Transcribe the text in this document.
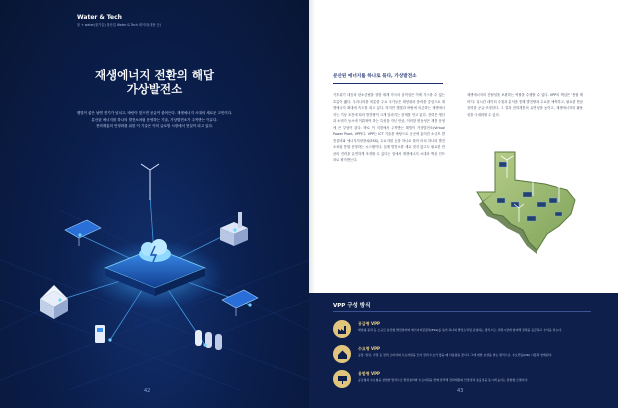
Water & Tech
물 + water(물기술) 물산업 Water & Tech 데이터(내용 등)
재생에너지 전환의 해답
가상발전소
햇빛이 좋은 날엔 전기가 넘치고, 바람이 멎으면 공급이 줄어든다. 재생에너지 시대의 새로운 고민이다.
분산된 에너지를 하나의 발전소처럼 운영하는 기술, 가상발전소가 주목받는 이유다.
전력계통의 안정화를 위한 이 기술은 이미 글로벌 시장에서 현실이 되고 있다.
42
분산된 에너지를 하나로 묶다, 가상발전소
기후위기 대응과 탄소중립을 향한 세계 각국의 움직임은 이제 거스를 수 없는 흐름이 됐다. 우리나라를 비롯한 주요 국가들은 태양광과 풍력을 중심으로 재생에너지 확대에 속도를 내고 있다. 하지만 햇빛과 바람에 의존하는 재생에너지는 기상 조건에 따라 발전량이 크게 달라지는 한계를 안고 있다. 전력은 생산과 소비가 동시에 이뤄져야 하는 특성을 지닌 만큼, 이러한 변동성은 계통 운영에 큰 부담이 된다. 바로 이 지점에서 주목받는 해법이 가상발전소(Virtual Power Plant, VPP)다. VPP는 ICT 기술을 바탕으로 곳곳에 흩어진 소규모 발전설비와 에너지저장장치(ESS), 수요자원 등을 하나로 묶어 마치 하나의 발전소처럼 통합 운영하는 시스템이다. 실제 발전소를 새로 짓지 않고도 필요한 만큼의 전력을 유연하게 조정할 수 있다는 점에서 재생에너지 시대의 핵심 인프라로 평가받는다.
재생에너지의 간헐성을 보완하는 역할을 수행할 수 있다. VPP의 핵심은 '통합 제어'다. 실시간 데이터 수집과 분석을 통해 발전량과 수요를 예측하고, 필요한 만큼 전력을 공급·조정한다. 그 결과 전력계통의 유연성을 높이고, 재생에너지의 활용성을 극대화할 수 있다.
VPP 구성 방식
공급형 VPP
태양광·풍력 등 소규모 분산형 발전설비와 에너지저장장치(ESS)를 묶어 하나의 발전소처럼 운영하는 방식으로, 전력시장에 참여해 전력을 공급하고 수익을 얻는다.
수요형 VPP
공장, 빌딩, 가정 등 전력 소비자의 수요자원을 모아 전력 수요가 많을 때 사용량을 줄이고 그에 대한 보상을 받는 방식으로, 수요반응(DR) 시장과 연계된다.
융합형 VPP
공급형과 수요형을 결합한 방식으로 발전설비와 수요자원을 함께 관리해 전력계통의 안정성과 효율성을 동시에 높이는 통합형 모델이다.
43
